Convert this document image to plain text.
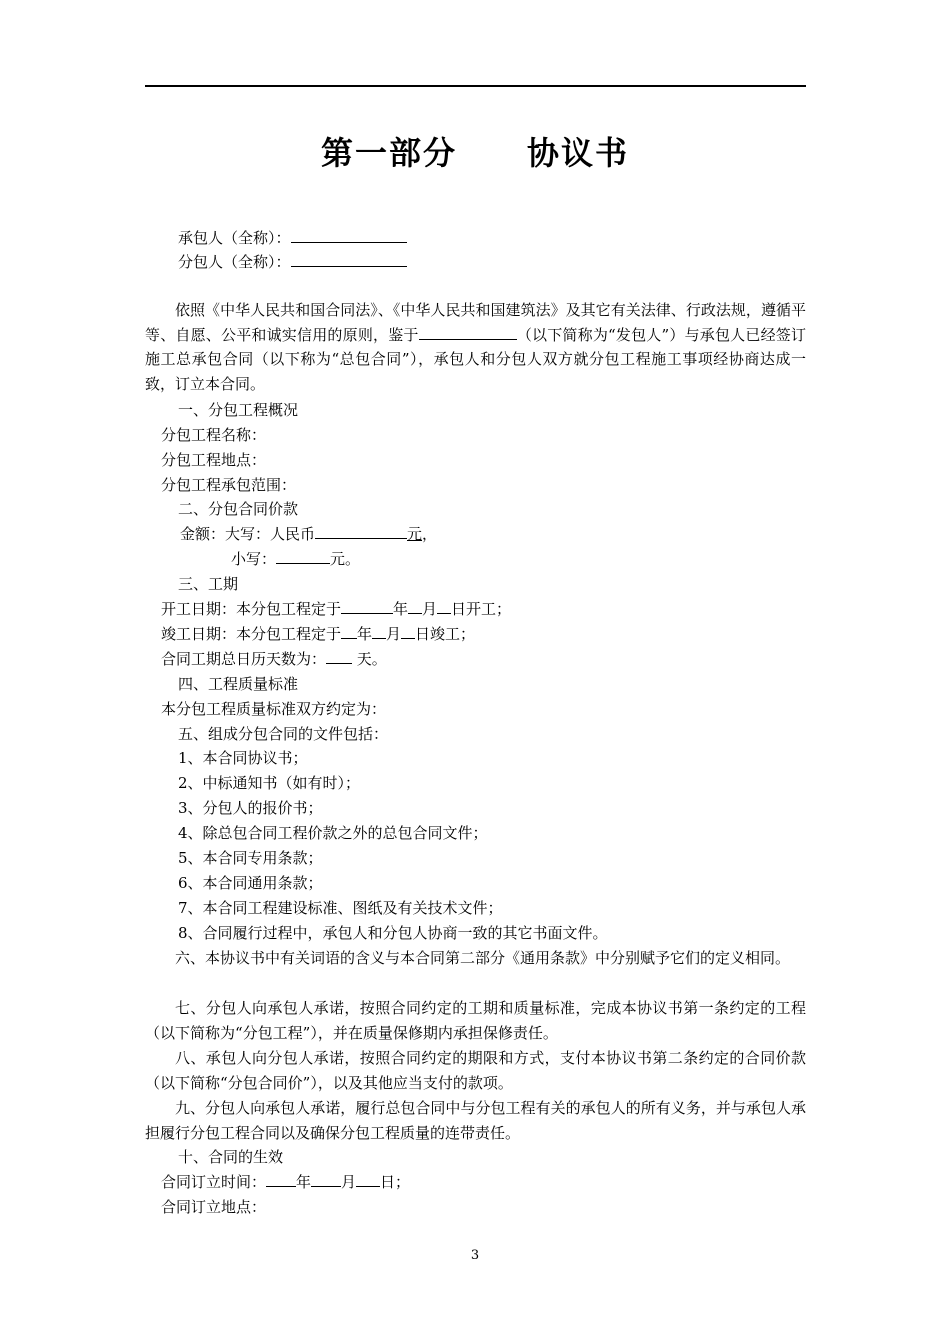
第一部分 协议书
承包人（全称）：
分包人（全称）：
依照《中华人民共和国合同法》、《中华人民共和国建筑法》及其它有关法律、行政法规，遵循平等、自愿、公平和诚实信用的原则，鉴于	（以下简称为“发包人”）与承包人已经签订施工总承包合同（以下称为“总包合同”），承包人和分包人双方就分包工程施工事项经协商达成一致，订立本合同。
一、分包工程概况
分包工程名称：
分包工程地点：
分包工程承包范围：
二、分包合同价款
金额：大写：人民币	元，
小写：	元。
三、工期
开工日期：本分包工程定于	年 月 日开工；
竣工日期：本分包工程定于 年 月 日竣工；
合同工期总日历天数为： 天。
四、工程质量标准
本分包工程质量标准双方约定为：
五、组成分包合同的文件包括：
1、本合同协议书；
2、中标通知书（如有时）；
3、分包人的报价书；
4、除总包合同工程价款之外的总包合同文件；
5、本合同专用条款；
6、本合同通用条款；
7、本合同工程建设标准、图纸及有关技术文件；
8、合同履行过程中，承包人和分包人协商一致的其它书面文件。
六、本协议书中有关词语的含义与本合同第二部分《通用条款》中分别赋予它们的定义相同。
七、分包人向承包人承诺，按照合同约定的工期和质量标准，完成本协议书第一条约定的工程（以下简称为“分包工程”），并在质量保修期内承担保修责任。
八、承包人向分包人承诺，按照合同约定的期限和方式，支付本协议书第二条约定的合同价款（以下简称“分包合同价”），以及其他应当支付的款项。
九、分包人向承包人承诺，履行总包合同中与分包工程有关的承包人的所有义务，并与承包人承担履行分包工程合同以及确保分包工程质量的连带责任。
十、合同的生效
合同订立时间： 年 月 日；
合同订立地点：
3
